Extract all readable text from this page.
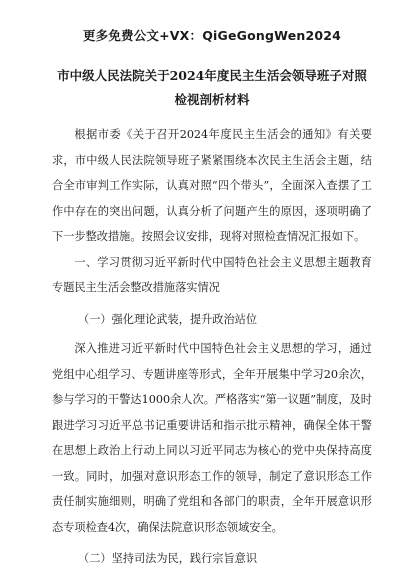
更多免费公文+VX：QiGeGongWen2024
市中级人民法院关于2024年度民主生活会领导班子对照检视剖析材料

根据市委《关于召开2024年度民主生活会的通知》有关要求，市中级人民法院领导班子紧紧围绕本次民主生活会主题，结合全市审判工作实际，认真对照“四个带头”，全面深入查摆了工作中存在的突出问题，认真分析了问题产生的原因，逐项明确了下一步整改措施。按照会议安排，现将对照检查情况汇报如下。

一、学习贯彻习近平新时代中国特色社会主义思想主题教育专题民主生活会整改措施落实情况

（一）强化理论武装，提升政治站位

深入推进习近平新时代中国特色社会主义思想的学习，通过党组中心组学习、专题讲座等形式，全年开展集中学习20余次，参与学习的干警达1000余人次。严格落实“第一议题”制度，及时跟进学习习近平总书记重要讲话和指示批示精神，确保全体干警在思想上政治上行动上同以习近平同志为核心的党中央保持高度一致。同时，加强对意识形态工作的领导，制定了意识形态工作责任制实施细则，明确了党组和各部门的职责，全年开展意识形态专项检查4次，确保法院意识形态领域安全。

（二）坚持司法为民，践行宗旨意识
